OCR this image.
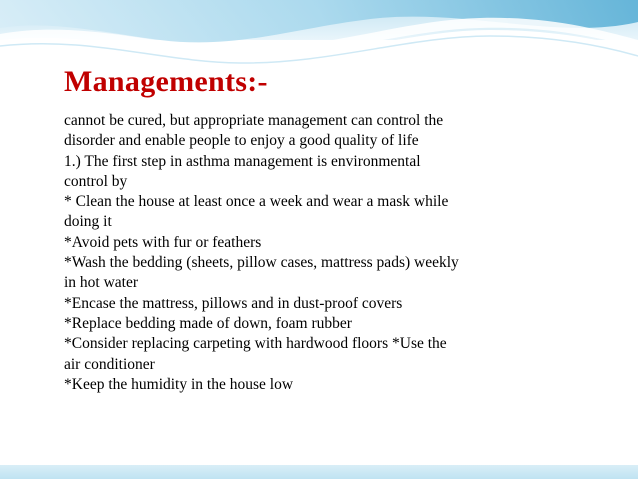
Managements:-
cannot be cured, but appropriate management can control the
disorder and enable people to enjoy a good quality of life
1.) The first step in asthma management is environmental
control by
* Clean the house at least once a week and wear a mask while
doing it
*Avoid pets with fur or feathers
*Wash the bedding (sheets, pillow cases, mattress pads) weekly
in hot water
*Encase the mattress, pillows and in dust-proof covers
*Replace bedding made of down, foam rubber
*Consider replacing carpeting with hardwood floors *Use the
air conditioner
*Keep the humidity in the house low
